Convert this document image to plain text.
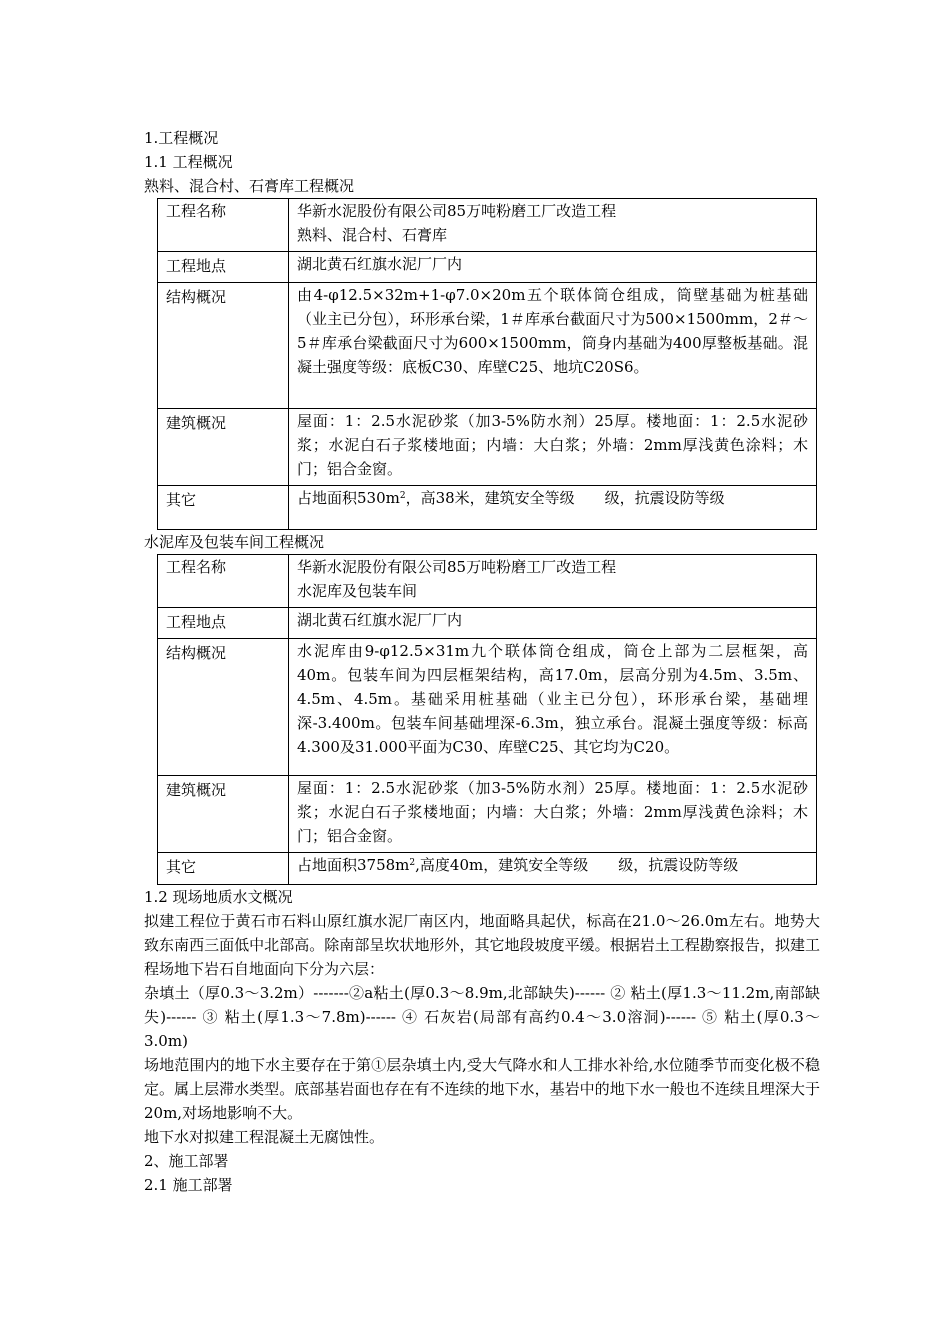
1.工程概况

1.1 工程概况

熟料、混合村、石膏库工程概况

工程名称	华新水泥股份有限公司85万吨粉磨工厂改造工程
熟料、混合村、石膏库

工程地点	湖北黄石红旗水泥厂厂内
结构概况	由4-φ12.5×32m+1-φ7.0×20m五个联体筒仓组成，筒壁基础为桩基础（业主已分包），环形承台梁，1＃库承台截面尺寸为500×1500mm，2＃～5＃库承台梁截面尺寸为600×1500mm，筒身内基础为400厚整板基础。混凝土强度等级：底板C30、库壁C25、地坑C20S6。
建筑概况	屋面：1：2.5水泥砂浆（加3-5%防水剂）25厚。楼地面：1：2.5水泥砂浆；水泥白石子浆楼地面；内墙：大白浆；外墙：2mm厚浅黄色涂料；木门；铝合金窗。
其它	占地面积$530m^2$，高38米，建筑安全等级　　级，抗震设防等级

水泥库及包装车间工程概况

工程名称	华新水泥股份有限公司85万吨粉磨工厂改造工程
水泥库及包装车间

工程地点	湖北黄石红旗水泥厂厂内
结构概况	水泥库由9-φ12.5×31m九个联体筒仓组成，筒仓上部为二层框架，高40m。包装车间为四层框架结构，高17.0m，层高分别为4.5m、3.5m、4.5m、4.5m。基础采用桩基础（业主已分包），环形承台梁，基础埋深-3.400m。包装车间基础埋深-6.3m，独立承台。混凝土强度等级：标高4.300及31.000平面为C30、库壁C25、其它均为C20。
建筑概况	屋面：1：2.5水泥砂浆（加3-5%防水剂）25厚。楼地面：1：2.5水泥砂浆；水泥白石子浆楼地面；内墙：大白浆；外墙：2mm厚浅黄色涂料；木门；铝合金窗。
其它	占地面积$3758m^2$,高度40m，建筑安全等级　　级，抗震设防等级

1.2 现场地质水文概况

拟建工程位于黄石市石料山原红旗水泥厂南区内，地面略具起伏，标高在21.0～26.0m左右。地势大致东南西三面低中北部高。除南部呈坎状地形外，其它地段坡度平缓。根据岩土工程勘察报告，拟建工程场地下岩石自地面向下分为六层：

杂填土（厚0.3～3.2m）-------②a粘土(厚0.3～8.9m,北部缺失)------ ② 粘土(厚1.3～11.2m,南部缺失)------ ③ 粘土(厚1.3～7.8m)------ ④ 石灰岩(局部有高约0.4～3.0溶洞)------ ⑤ 粘土(厚0.3～3.0m)

场地范围内的地下水主要存在于第①层杂填土内,受大气降水和人工排水补给,水位随季节而变化极不稳定。属上层滞水类型。底部基岩面也存在有不连续的地下水，基岩中的地下水一般也不连续且埋深大于20m,对场地影响不大。

地下水对拟建工程混凝土无腐蚀性。

2、施工部署

2.1 施工部署
